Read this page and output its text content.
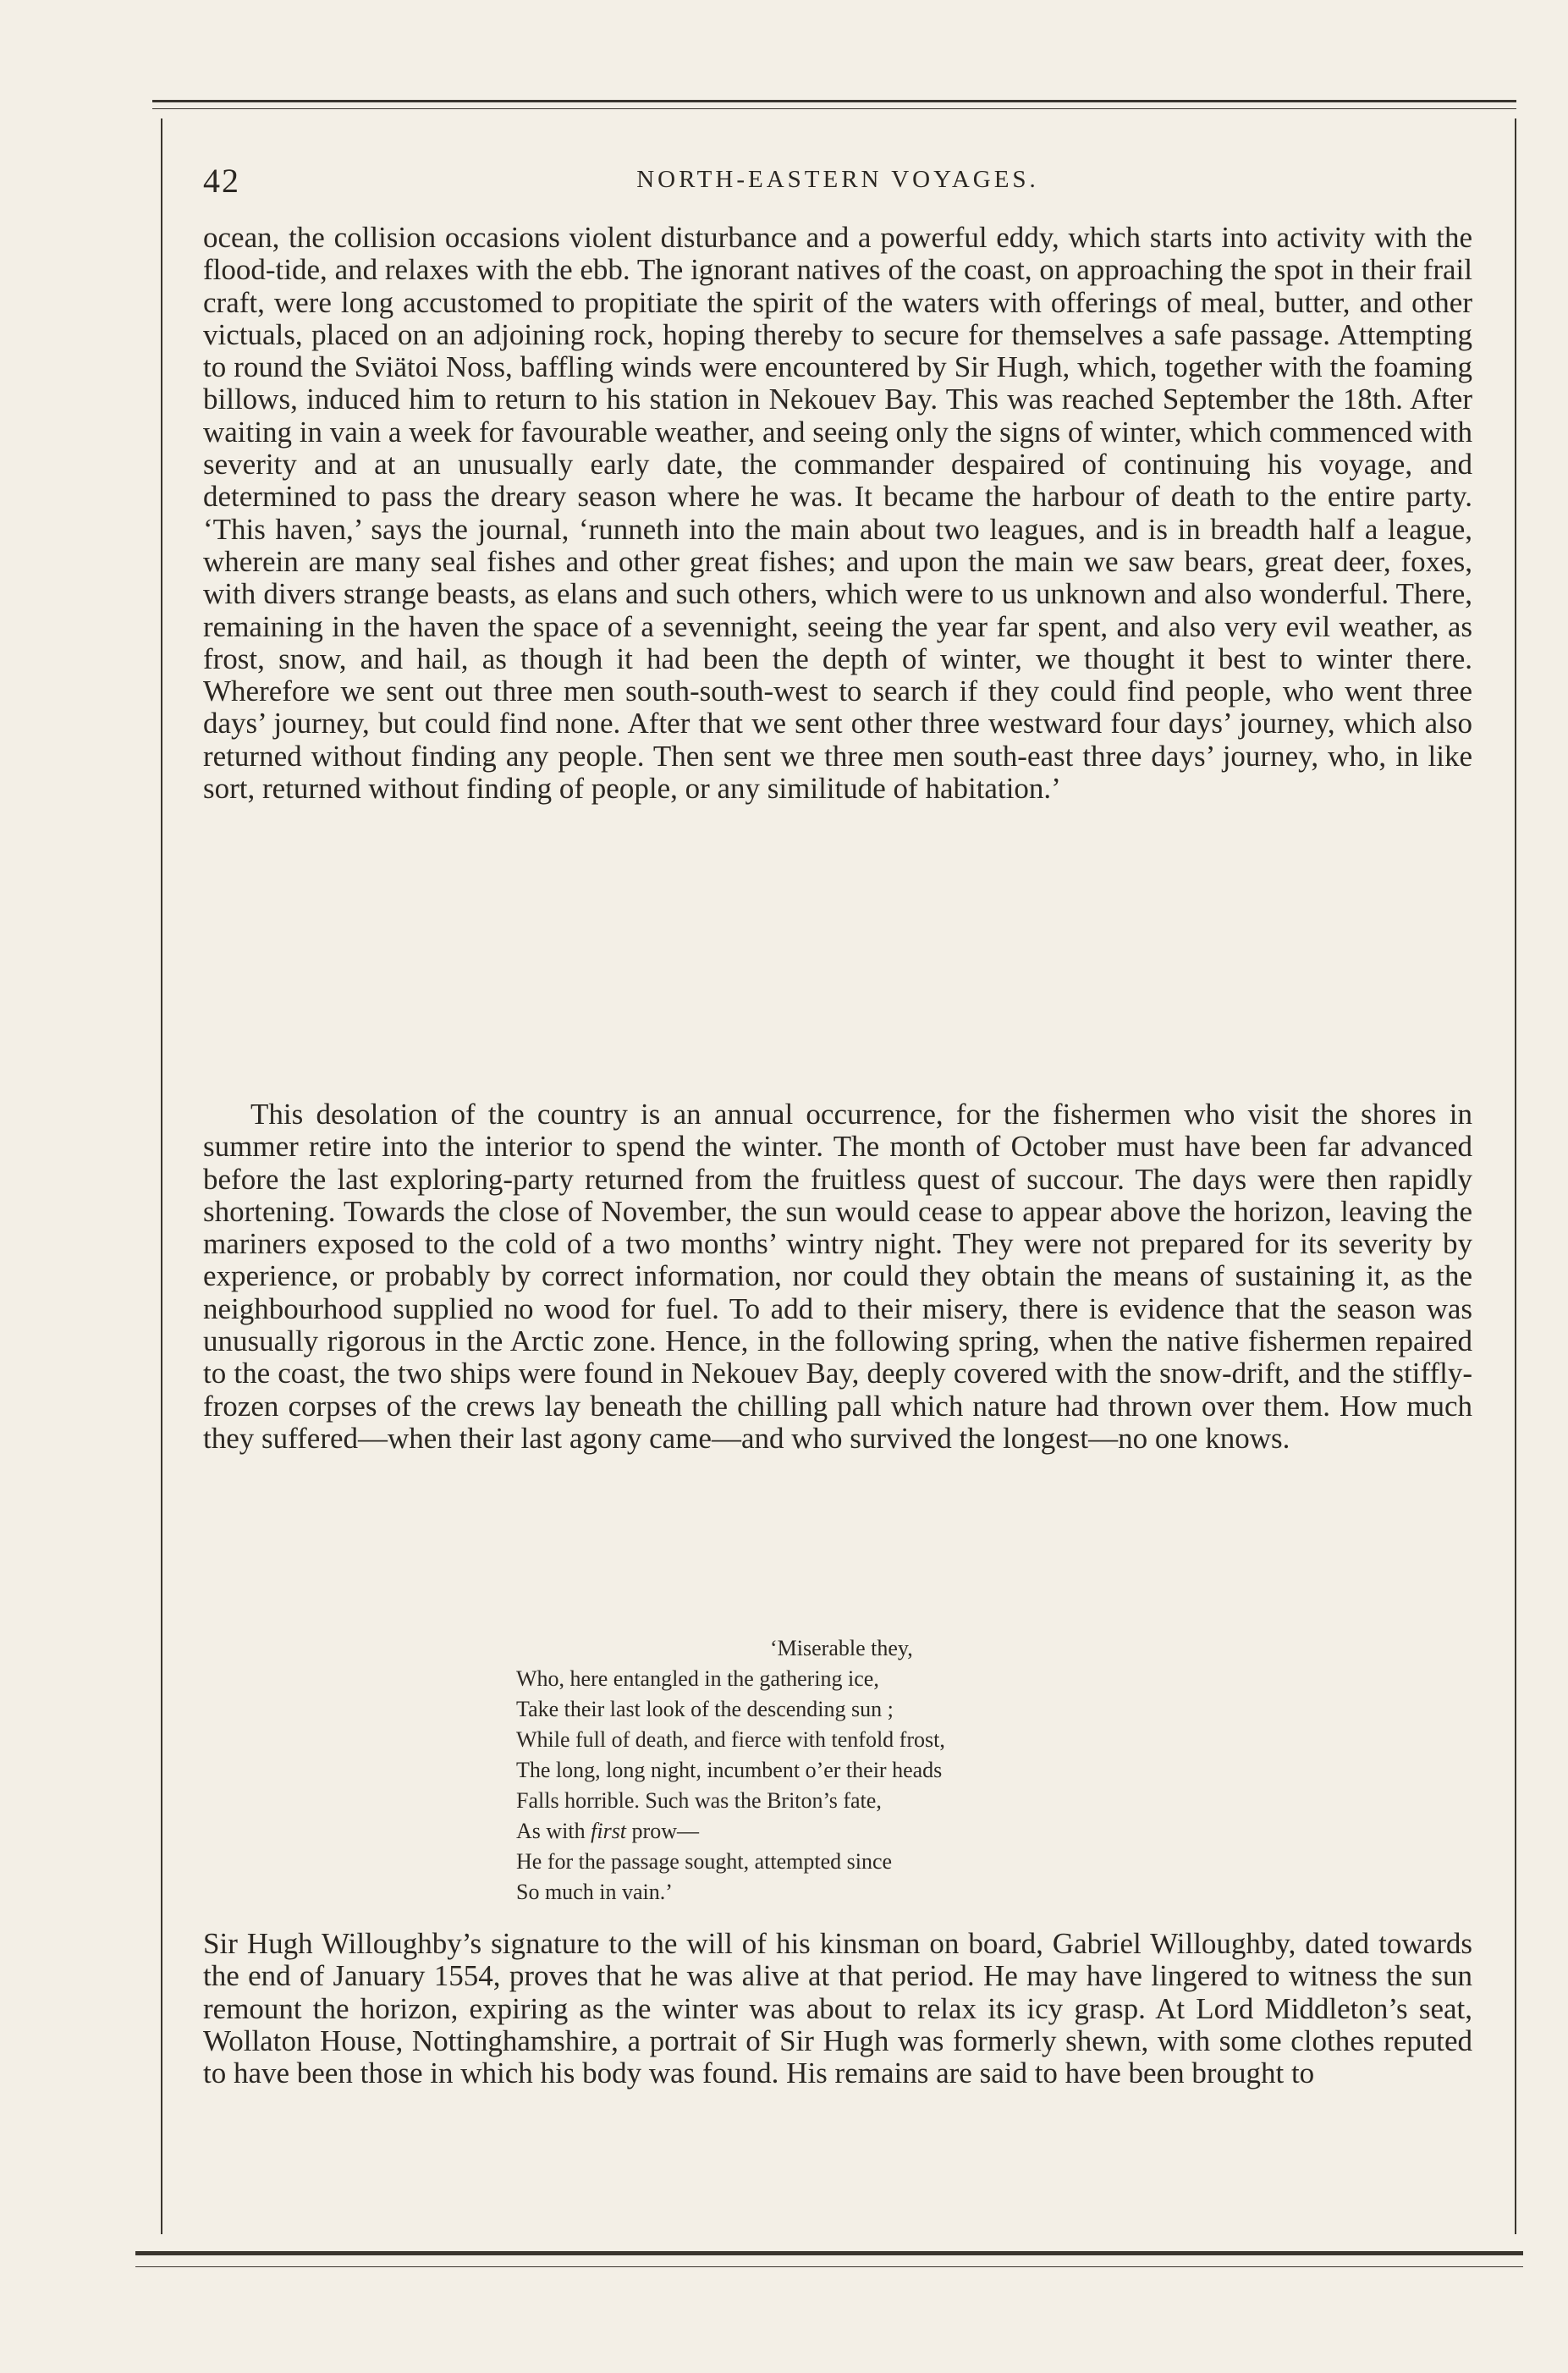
42	NORTH-EASTERN VOYAGES.

ocean, the collision occasions violent disturbance and a powerful eddy, which starts into activity with the flood-tide, and relaxes with the ebb. The ignorant natives of the coast, on approaching the spot in their frail craft, were long accustomed to propitiate the spirit of the waters with offerings of meal, butter, and other victuals, placed on an adjoining rock, hoping thereby to secure for themselves a safe passage. Attempting to round the Sviätoi Noss, baffling winds were encountered by Sir Hugh, which, together with the foaming billows, induced him to return to his station in Nekouev Bay. This was reached September the 18th. After waiting in vain a week for favourable weather, and seeing only the signs of winter, which commenced with severity and at an unusually early date, the commander despaired of continuing his voyage, and determined to pass the dreary season where he was. It became the harbour of death to the entire party. ‘This haven,’ says the journal, ‘runneth into the main about two leagues, and is in breadth half a league, wherein are many seal fishes and other great fishes; and upon the main we saw bears, great deer, foxes, with divers strange beasts, as elans and such others, which were to us unknown and also wonderful. There, remaining in the haven the space of a sevennight, seeing the year far spent, and also very evil weather, as frost, snow, and hail, as though it had been the depth of winter, we thought it best to winter there. Wherefore we sent out three men south-south-west to search if they could find people, who went three days’ journey, but could find none. After that we sent other three westward four days’ journey, which also returned without finding any people. Then sent we three men south-east three days’ journey, who, in like sort, returned without finding of people, or any similitude of habitation.’

This desolation of the country is an annual occurrence, for the fishermen who visit the shores in summer retire into the interior to spend the winter. The month of October must have been far advanced before the last exploring-party returned from the fruitless quest of succour. The days were then rapidly shortening. Towards the close of November, the sun would cease to appear above the horizon, leaving the mariners exposed to the cold of a two months’ wintry night. They were not prepared for its severity by experience, or probably by correct information, nor could they obtain the means of sustaining it, as the neighbourhood supplied no wood for fuel. To add to their misery, there is evidence that the season was unusually rigorous in the Arctic zone. Hence, in the following spring, when the native fishermen repaired to the coast, the two ships were found in Nekouev Bay, deeply covered with the snow-drift, and the stiffly-frozen corpses of the crews lay beneath the chilling pall which nature had thrown over them. How much they suffered—when their last agony came—and who survived the longest—no one knows.

‘Miserable they,
Who, here entangled in the gathering ice,
Take their last look of the descending sun ;
While full of death, and fierce with tenfold frost,
The long, long night, incumbent o’er their heads
Falls horrible. Such was the Briton’s fate,
As with first prow—
He for the passage sought, attempted since
So much in vain.’

Sir Hugh Willoughby’s signature to the will of his kinsman on board, Gabriel Willoughby, dated towards the end of January 1554, proves that he was alive at that period. He may have lingered to witness the sun remount the horizon, expiring as the winter was about to relax its icy grasp. At Lord Middleton’s seat, Wollaton House, Nottinghamshire, a portrait of Sir Hugh was formerly shewn, with some clothes reputed to have been those in which his body was found. His remains are said to have been brought to
